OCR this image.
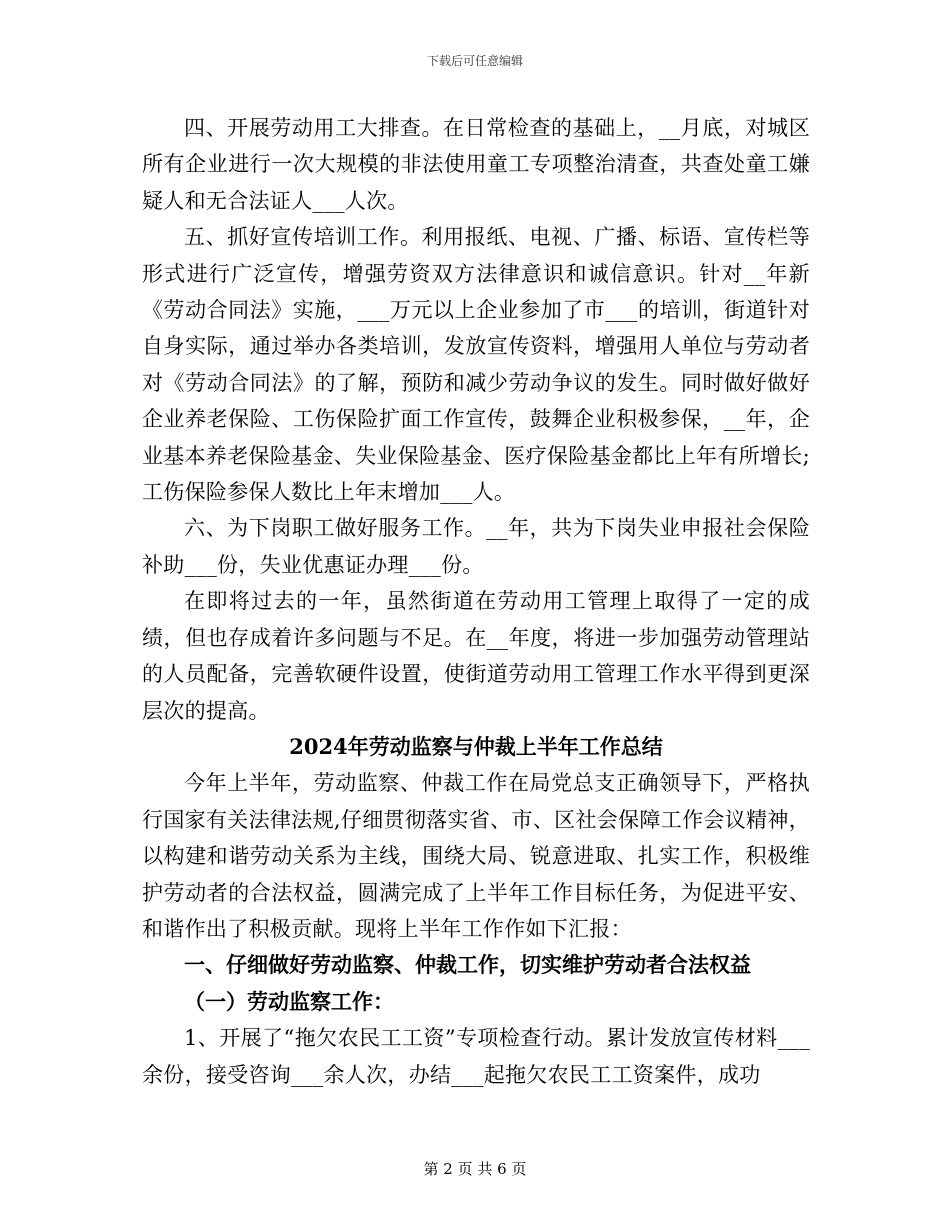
下载后可任意编辑

四、开展劳动用工大排查。在日常检查的基础上，__月底，对城区所有企业进行一次大规模的非法使用童工专项整治清查，共查处童工嫌疑人和无合法证人___人次。

五、抓好宣传培训工作。利用报纸、电视、广播、标语、宣传栏等形式进行广泛宣传，增强劳资双方法律意识和诚信意识。针对__年新《劳动合同法》实施，___万元以上企业参加了市___的培训，街道针对自身实际，通过举办各类培训，发放宣传资料，增强用人单位与劳动者对《劳动合同法》的了解，预防和减少劳动争议的发生。同时做好做好企业养老保险、工伤保险扩面工作宣传，鼓舞企业积极参保，__年，企业基本养老保险基金、失业保险基金、医疗保险基金都比上年有所增长;工伤保险参保人数比上年末增加___人。

六、为下岗职工做好服务工作。__年，共为下岗失业申报社会保险补助___份，失业优惠证办理___份。

在即将过去的一年，虽然街道在劳动用工管理上取得了一定的成绩，但也存成着许多问题与不足。在__年度，将进一步加强劳动管理站的人员配备，完善软硬件设置，使街道劳动用工管理工作水平得到更深层次的提高。

2024年劳动监察与仲裁上半年工作总结

今年上半年，劳动监察、仲裁工作在局党总支正确领导下，严格执行国家有关法律法规,仔细贯彻落实省、市、区社会保障工作会议精神，以构建和谐劳动关系为主线，围绕大局、锐意进取、扎实工作，积极维护劳动者的合法权益，圆满完成了上半年工作目标任务，为促进平安、和谐作出了积极贡献。现将上半年工作作如下汇报：

一、仔细做好劳动监察、仲裁工作，切实维护劳动者合法权益

（一）劳动监察工作：

1、开展了“拖欠农民工工资”专项检查行动。累计发放宣传材料___余份，接受咨询___余人次，办结___起拖欠农民工工资案件，成功

第 2 页 共 6 页
